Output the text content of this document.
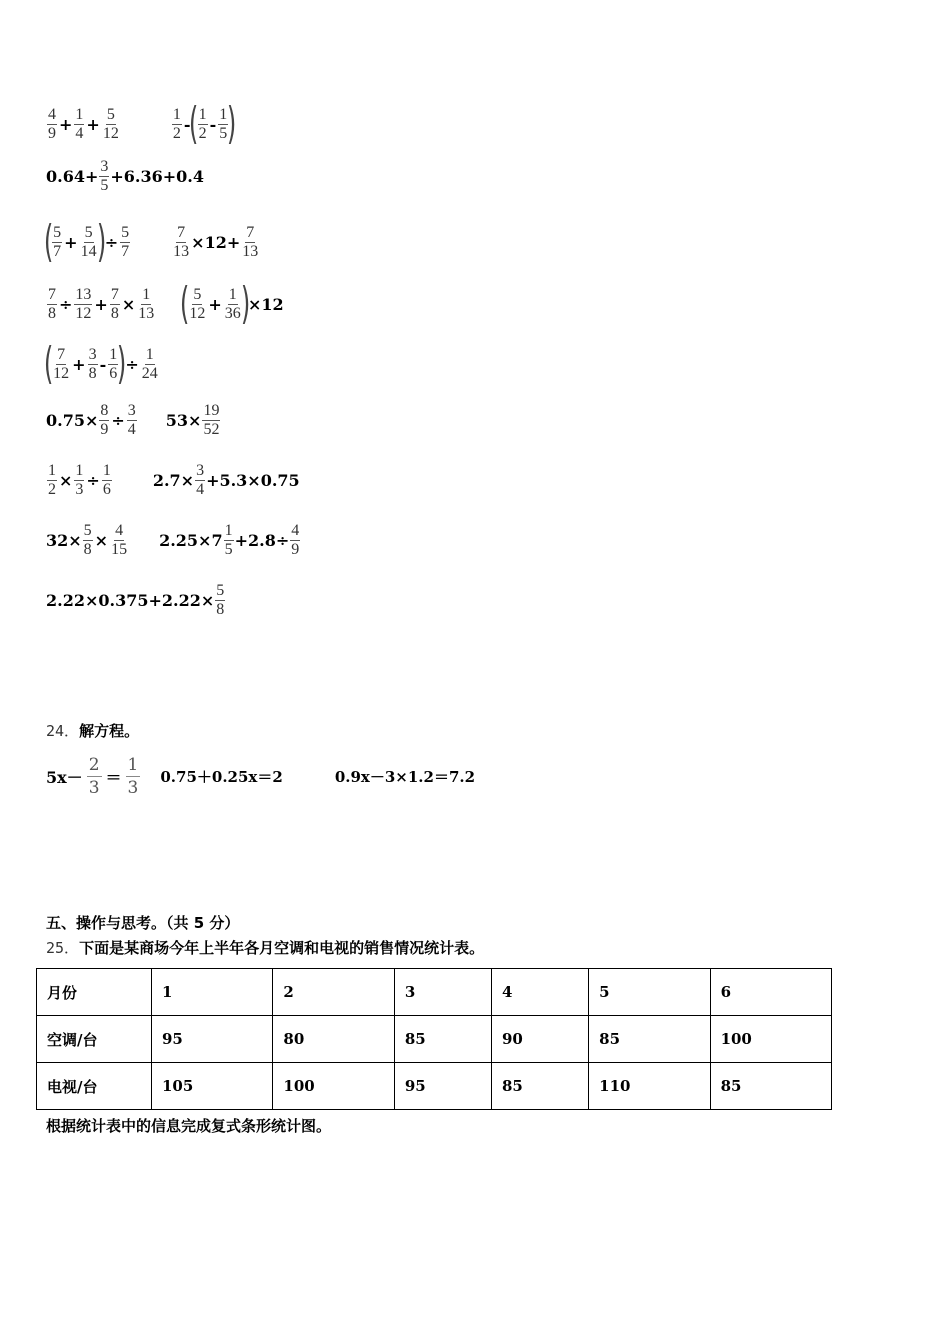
$\frac{4}{9} + \frac{1}{4} + \frac{5}{12}$	$\frac{1}{2}$ -
(
$\frac{1}{2} - \frac{1}{5}$
)
$0.64+ \frac{3}{5} +6.36+0.4$
(
$\frac{5}{7} + \frac{5}{14}$
)
÷ $\frac{5}{7}$	$\frac{7}{13} \times 12+ \frac{7}{13}$
$\frac{7}{8} \div \frac{13}{12} + \frac{7}{8} \times \frac{1}{13}$ (
$\frac{5}{12} + \frac{1}{36}$
)
×12
(
$\frac{7}{12} + \frac{3}{8} - \frac{1}{6}$
)
÷ $\frac{1}{24}$
$0.75\times \frac{8}{9} \div \frac{3}{4} 53\times \frac{19}{52}$
$\frac{1}{2} \times \frac{1}{3} \div \frac{1}{6}$	$2.7\times \frac{3}{4} +5.3\times 0.75$
$32\times \frac{5}{8} \times \frac{4}{15} 2.25\times 7 \frac{1}{5} +2.8\div \frac{4}{9}$
$2.22\times 0.375+2.22\times \frac{5}{8}$
24．解方程。
$5x- \frac{2}{3} = \frac{1}{3} 0.75+0.25x=2$	0.9x－3×1.2＝7.2
五、操作与思考。（共 5 分）
25．下面是某商场今年上半年各月空调和电视的销售情况统计表。
月份	1	2	3	4	5	6
空调/台	95	80	85	90	85	100
电视/台	105	100	95	85	110	85
根据统计表中的信息完成复式条形统计图。
